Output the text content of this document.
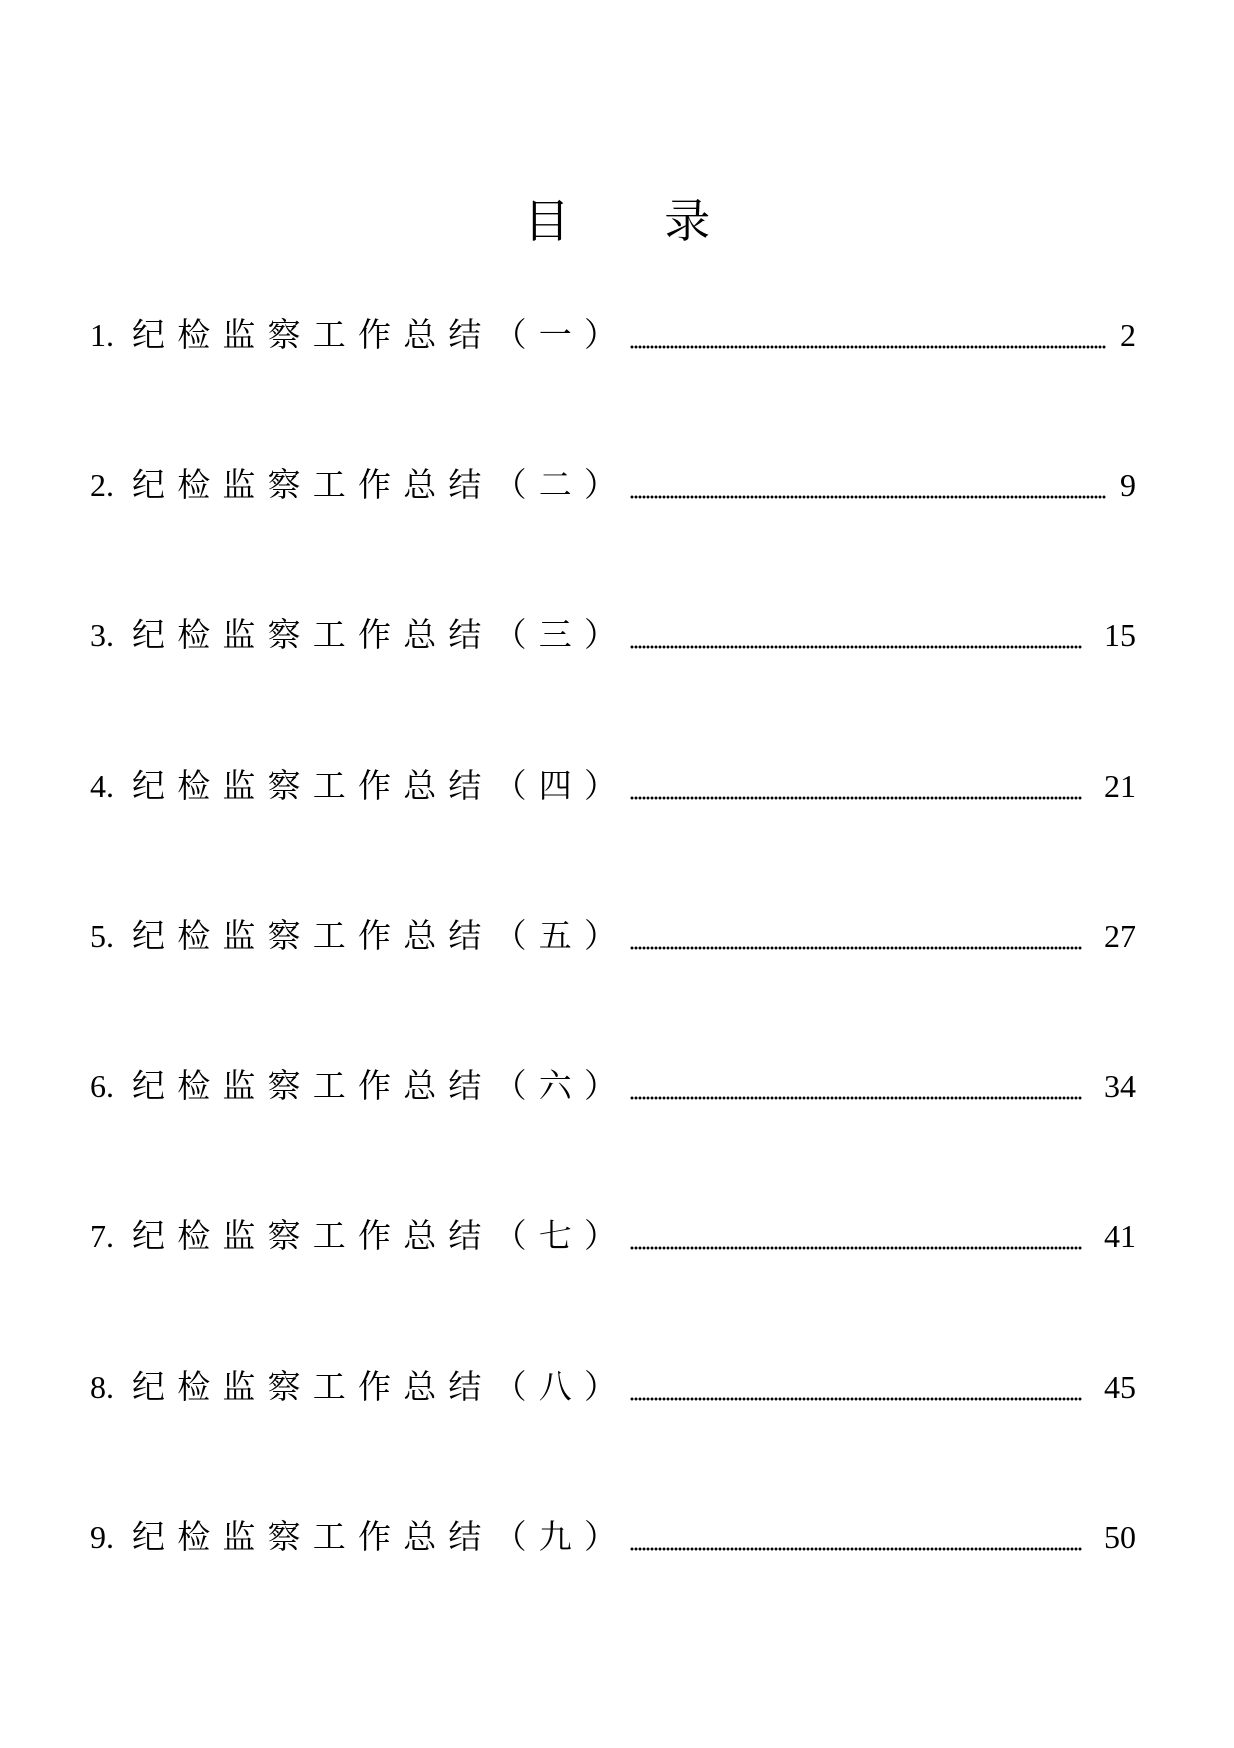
目 录
1. 纪检监察工作总结（一）	2
2. 纪检监察工作总结（二）	9
3. 纪检监察工作总结（三）	15
4. 纪检监察工作总结（四）	21
5. 纪检监察工作总结（五）	27
6. 纪检监察工作总结（六）	34
7. 纪检监察工作总结（七）	41
8. 纪检监察工作总结（八）	45
9. 纪检监察工作总结（九）	50
